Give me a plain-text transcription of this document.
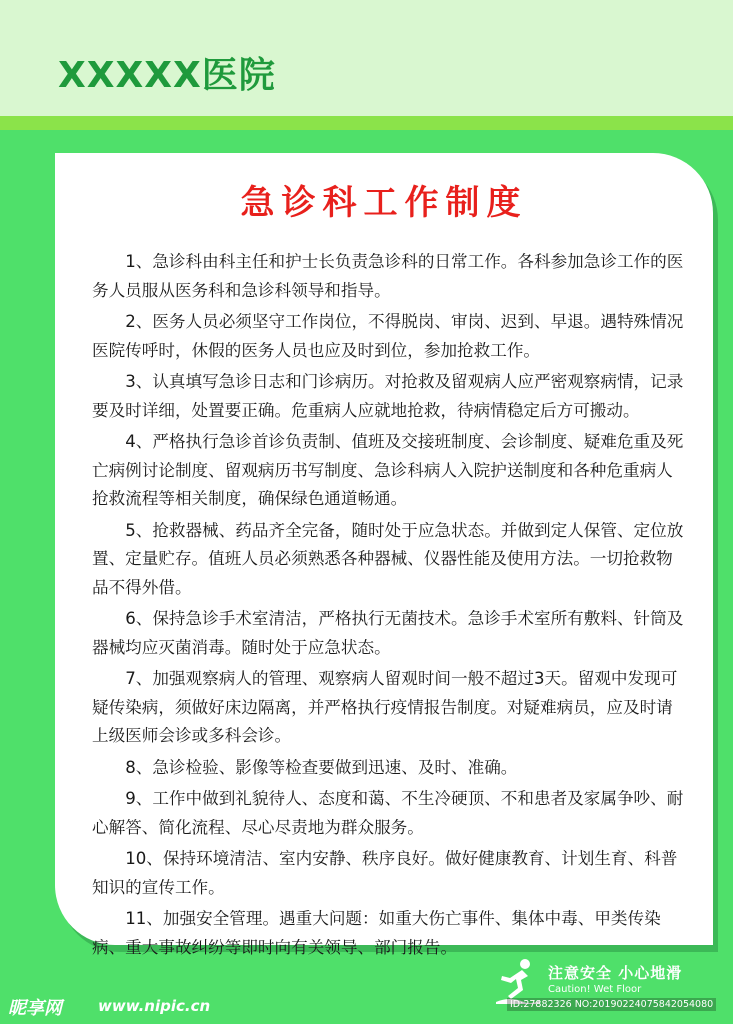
XXXXX医院
急诊科工作制度

1、急诊科由科主任和护士长负责急诊科的日常工作。各科参加急诊工作的医务人员服从医务科和急诊科领导和指导。

2、医务人员必须坚守工作岗位，不得脱岗、审岗、迟到、早退。遇特殊情况医院传呼时，休假的医务人员也应及时到位，参加抢救工作。

3、认真填写急诊日志和门诊病历。对抢救及留观病人应严密观察病情，记录要及时详细，处置要正确。危重病人应就地抢救，待病情稳定后方可搬动。

4、严格执行急诊首诊负责制、值班及交接班制度、会诊制度、疑难危重及死亡病例讨论制度、留观病历书写制度、急诊科病人入院护送制度和各种危重病人抢救流程等相关制度，确保绿色通道畅通。

5、抢救器械、药品齐全完备，随时处于应急状态。并做到定人保管、定位放置、定量贮存。值班人员必须熟悉各种器械、仪器性能及使用方法。一切抢救物品不得外借。

6、保持急诊手术室清洁，严格执行无菌技术。急诊手术室所有敷料、针筒及器械均应灭菌消毒。随时处于应急状态。

7、加强观察病人的管理、观察病人留观时间一般不超过3天。留观中发现可疑传染病，须做好床边隔离，并严格执行疫情报告制度。对疑难病员，应及时请上级医师会诊或多科会诊。

8、急诊检验、影像等检查要做到迅速、及时、准确。

9、工作中做到礼貌待人、态度和蔼、不生冷硬顶、不和患者及家属争吵、耐心解答、简化流程、尽心尽责地为群众服务。

10、保持环境清洁、室内安静、秩序良好。做好健康教育、计划生育、科普知识的宣传工作。

11、加强安全管理。遇重大问题：如重大伤亡事件、集体中毒、甲类传染病、重大事故纠纷等即时向有关领导、部门报告。

注意安全 小心地滑
Caution! Wet Floor
昵享网 www.nipic.cn	ID:27882326 NO:20190224075842054080
